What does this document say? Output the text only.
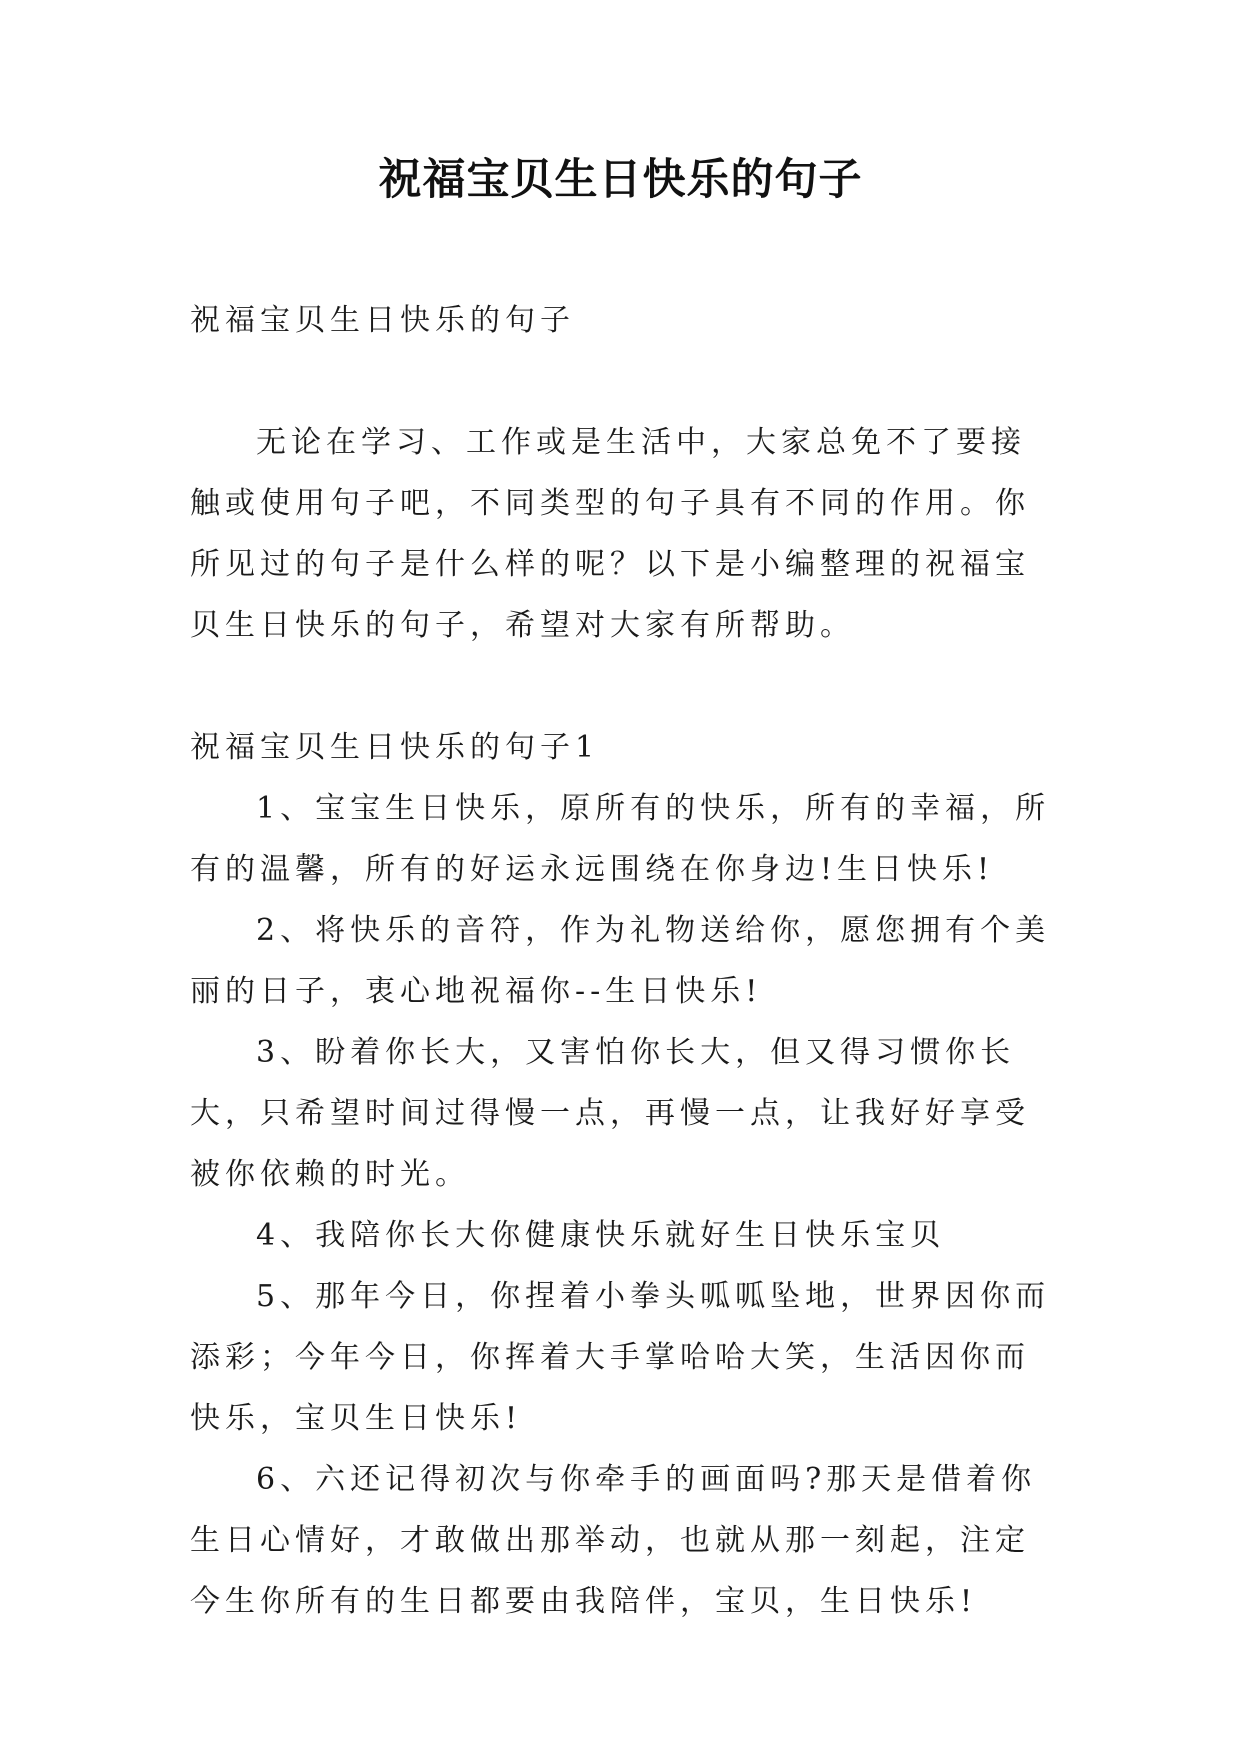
祝福宝贝生日快乐的句子

祝福宝贝生日快乐的句子

无论在学习、工作或是生活中，大家总免不了要接触或使用句子吧，不同类型的句子具有不同的作用。你所见过的句子是什么样的呢？以下是小编整理的祝福宝贝生日快乐的句子，希望对大家有所帮助。

祝福宝贝生日快乐的句子1

1、宝宝生日快乐，原所有的快乐，所有的幸福，所有的温馨，所有的好运永远围绕在你身边!生日快乐!

2、将快乐的音符，作为礼物送给你，愿您拥有个美丽的日子，衷心地祝福你--生日快乐!

3、盼着你长大，又害怕你长大，但又得习惯你长大，只希望时间过得慢一点，再慢一点，让我好好享受被你依赖的时光。

4、我陪你长大你健康快乐就好生日快乐宝贝

5、那年今日，你捏着小拳头呱呱坠地，世界因你而添彩；今年今日，你挥着大手掌哈哈大笑，生活因你而快乐，宝贝生日快乐!

6、六还记得初次与你牵手的画面吗?那天是借着你生日心情好，才敢做出那举动，也就从那一刻起，注定今生你所有的生日都要由我陪伴，宝贝，生日快乐!
